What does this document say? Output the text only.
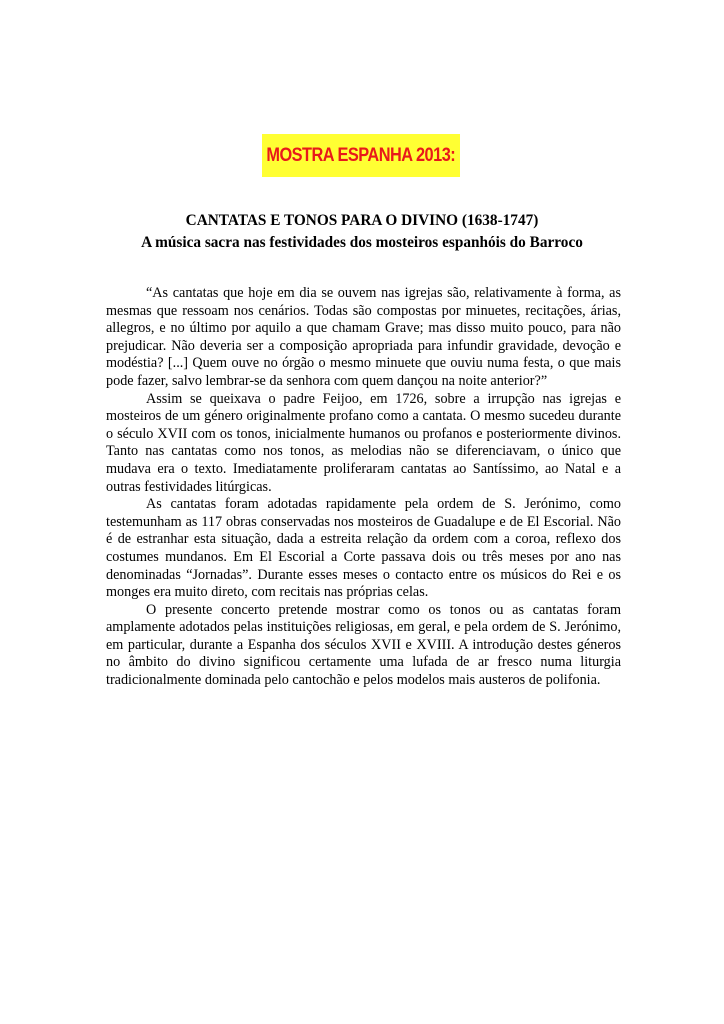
MOSTRA ESPANHA 2013:
CANTATAS E TONOS PARA O DIVINO (1638-1747)
A música sacra nas festividades dos mosteiros espanhóis do Barroco

“As cantatas que hoje em dia se ouvem nas igrejas são, relativamente à forma, as mesmas que ressoam nos cenários. Todas são compostas por minuetes, recitações, árias, allegros, e no último por aquilo a que chamam Grave; mas disso muito pouco, para não prejudicar. Não deveria ser a composição apropriada para infundir gravidade, devoção e modéstia? [...] Quem ouve no órgão o mesmo minuete que ouviu numa festa, o que mais pode fazer, salvo lembrar-se da senhora com quem dançou na noite anterior?”

Assim se queixava o padre Feijoo, em 1726, sobre a irrupção nas igrejas e mosteiros de um género originalmente profano como a cantata. O mesmo sucedeu durante o século XVII com os tonos, inicialmente humanos ou profanos e posteriormente divinos. Tanto nas cantatas como nos tonos, as melodias não se diferenciavam, o único que mudava era o texto. Imediatamente proliferaram cantatas ao Santíssimo, ao Natal e a outras festividades litúrgicas.

As cantatas foram adotadas rapidamente pela ordem de S. Jerónimo, como testemunham as 117 obras conservadas nos mosteiros de Guadalupe e de El Escorial. Não é de estranhar esta situação, dada a estreita relação da ordem com a coroa, reflexo dos costumes mundanos. Em El Escorial a Corte passava dois ou três meses por ano nas denominadas “Jornadas”. Durante esses meses o contacto entre os músicos do Rei e os monges era muito direto, com recitais nas próprias celas.

O presente concerto pretende mostrar como os tonos ou as cantatas foram amplamente adotados pelas instituições religiosas, em geral, e pela ordem de S. Jerónimo, em particular, durante a Espanha dos séculos XVII e XVIII. A introdução destes géneros no âmbito do divino significou certamente uma lufada de ar fresco numa liturgia tradicionalmente dominada pelo cantochão e pelos modelos mais austeros de polifonia.
